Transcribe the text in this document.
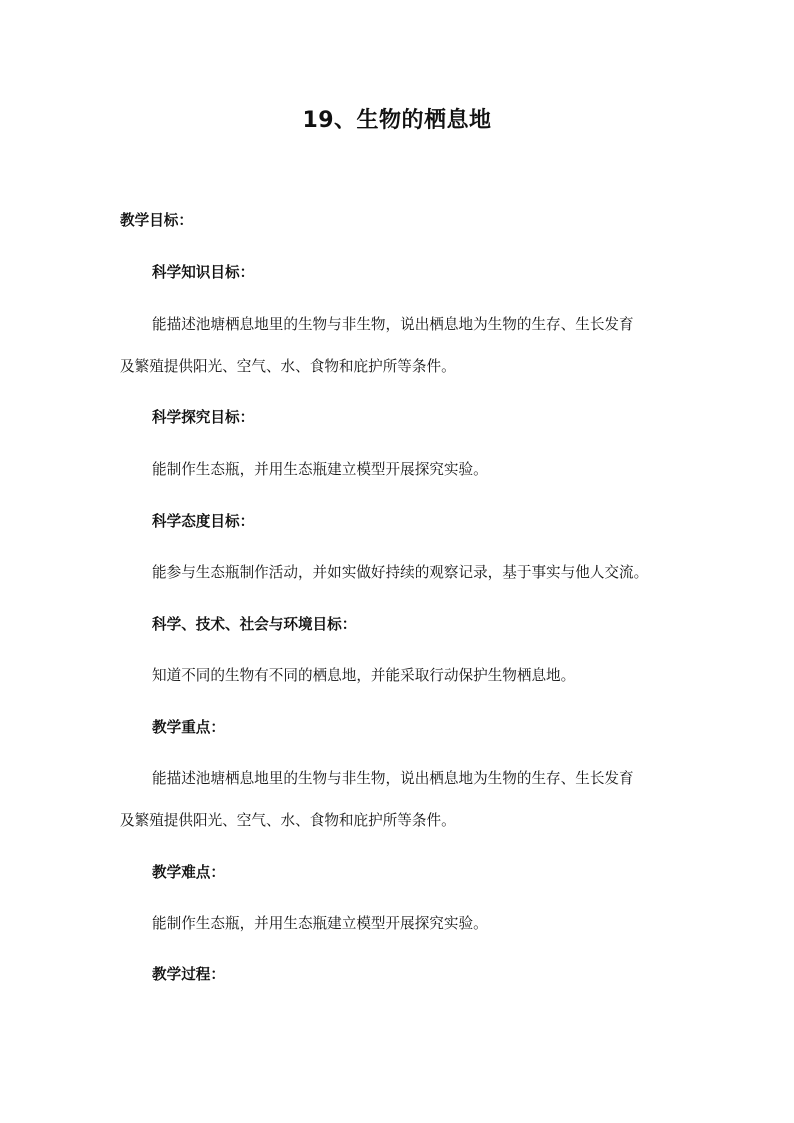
19、生物的栖息地
教学目标：
科学知识目标：
能描述池塘栖息地里的生物与非生物，说出栖息地为生物的生存、生长发育
及繁殖提供阳光、空气、水、食物和庇护所等条件。
科学探究目标：
能制作生态瓶，并用生态瓶建立模型开展探究实验。
科学态度目标：
能参与生态瓶制作活动，并如实做好持续的观察记录，基于事实与他人交流。
科学、技术、社会与环境目标：
知道不同的生物有不同的栖息地，并能采取行动保护生物栖息地。
教学重点：
能描述池塘栖息地里的生物与非生物，说出栖息地为生物的生存、生长发育
及繁殖提供阳光、空气、水、食物和庇护所等条件。
教学难点：
能制作生态瓶，并用生态瓶建立模型开展探究实验。
教学过程：
